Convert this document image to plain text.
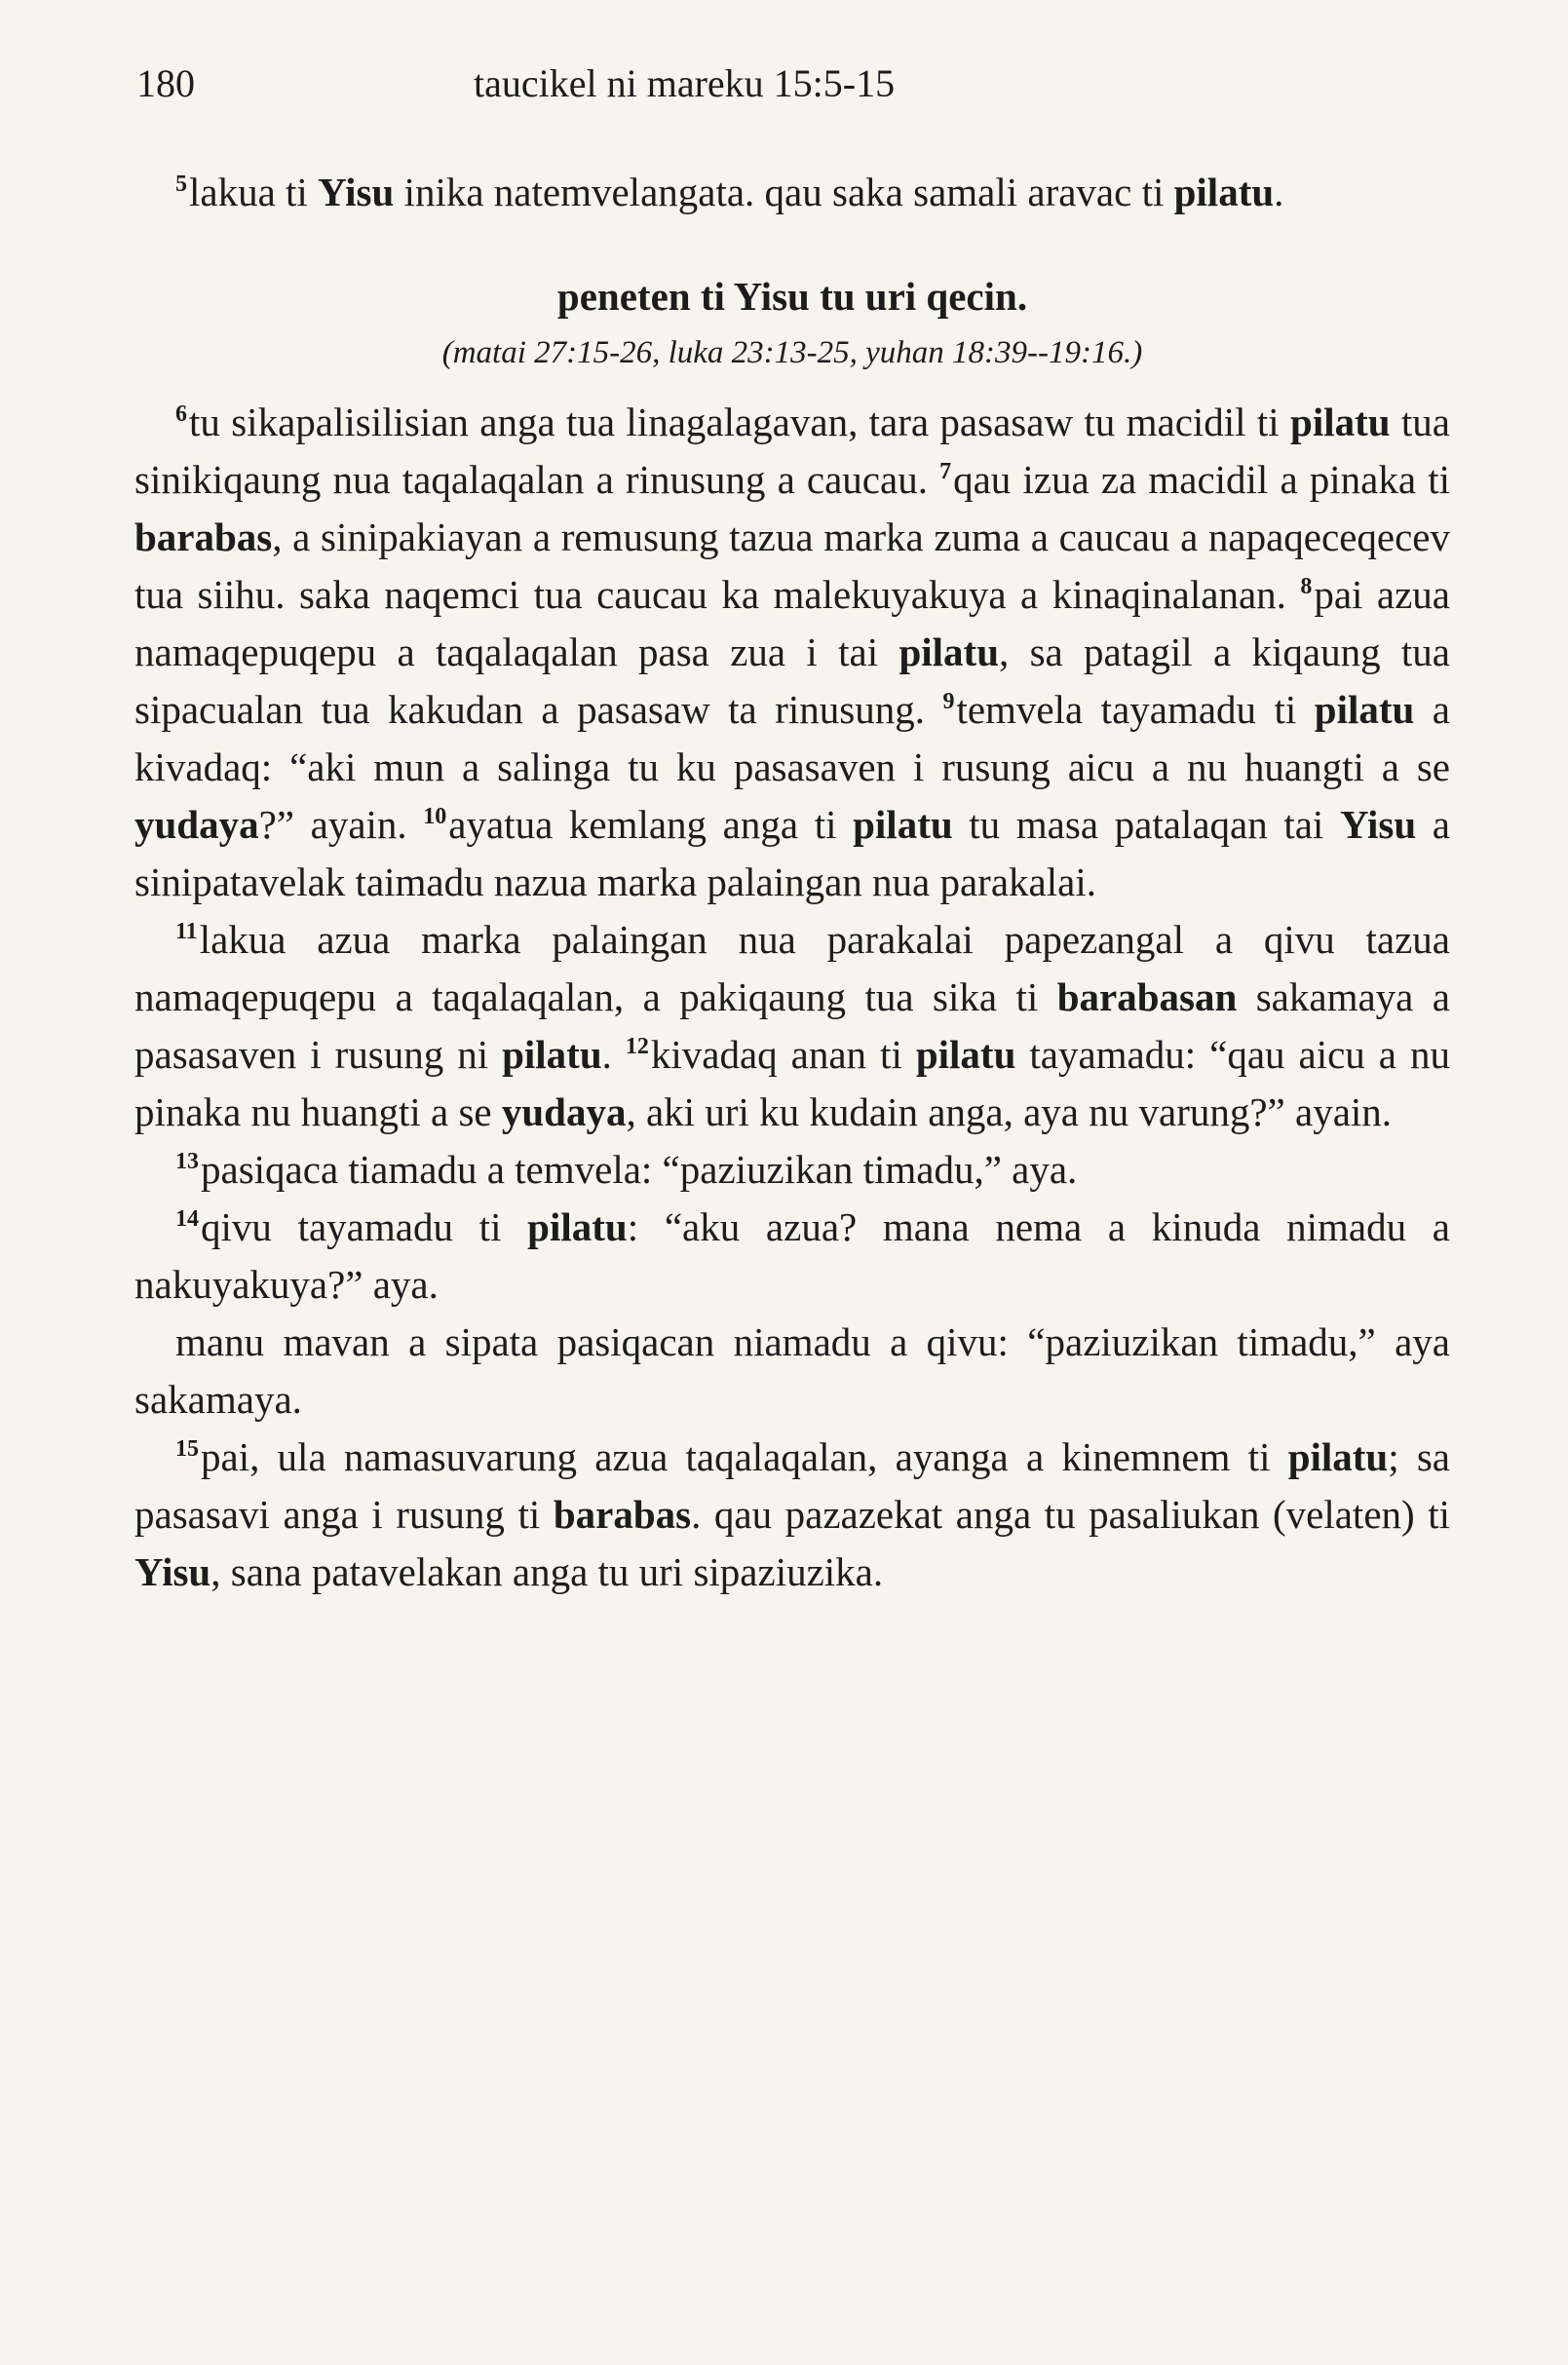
180	taucikel ni mareku 15:5-15

$^5$lakua ti Yisu inika natemvelangata. qau saka samali aravac ti pilatu.

peneten ti Yisu tu uri qecin.

(matai 27:15-26, luka 23:13-25, yuhan 18:39--19:16.)

$^6$tu sikapalisilisian anga tua linagalagavan, tara pasasaw tu macidil ti pilatu tua sinikiqaung nua taqalaqalan a rinusung a caucau. $^7$qau izua za macidil a pinaka ti barabas, a sinipakiayan a remusung tazua marka zuma a caucau a napaqeceqecev tua siihu. saka naqemci tua caucau ka malekuyakuya a kinaqinalanan. $^8$pai azua namaqepuqepu a taqalaqalan pasa zua i tai pilatu, sa patagil a kiqaung tua sipacualan tua kakudan a pasasaw ta rinusung. $^9$temvela tayamadu ti pilatu a kivadaq: “aki mun a salinga tu ku pasasaven i rusung aicu a nu huangti a se yudaya?” ayain. $^{10}$ayatua kemlang anga ti pilatu tu masa patalaqan tai Yisu a sinipatavelak taimadu nazua marka palaingan nua parakalai.

$^{11}$lakua azua marka palaingan nua parakalai papezangal a qivu tazua namaqepuqepu a taqalaqalan, a pakiqaung tua sika ti barabasan sakamaya a pasasaven i rusung ni pilatu. $^{12}$kivadaq anan ti pilatu tayamadu: “qau aicu a nu pinaka nu huangti a se yudaya, aki uri ku kudain anga, aya nu varung?” ayain.

$^{13}$pasiqaca tiamadu a temvela: “paziuzikan timadu,” aya.

$^{14}$qivu tayamadu ti pilatu: “aku azua? mana nema a kinuda nimadu a nakuyakuya?” aya.

manu mavan a sipata pasiqacan niamadu a qivu: “paziuzikan timadu,” aya sakamaya.

$^{15}$pai, ula namasuvarung azua taqalaqalan, ayanga a kinemnem ti pilatu; sa pasasavi anga i rusung ti barabas. qau pazazekat anga tu pasaliukan (velaten) ti Yisu, sana patavelakan anga tu uri sipaziuzika.
